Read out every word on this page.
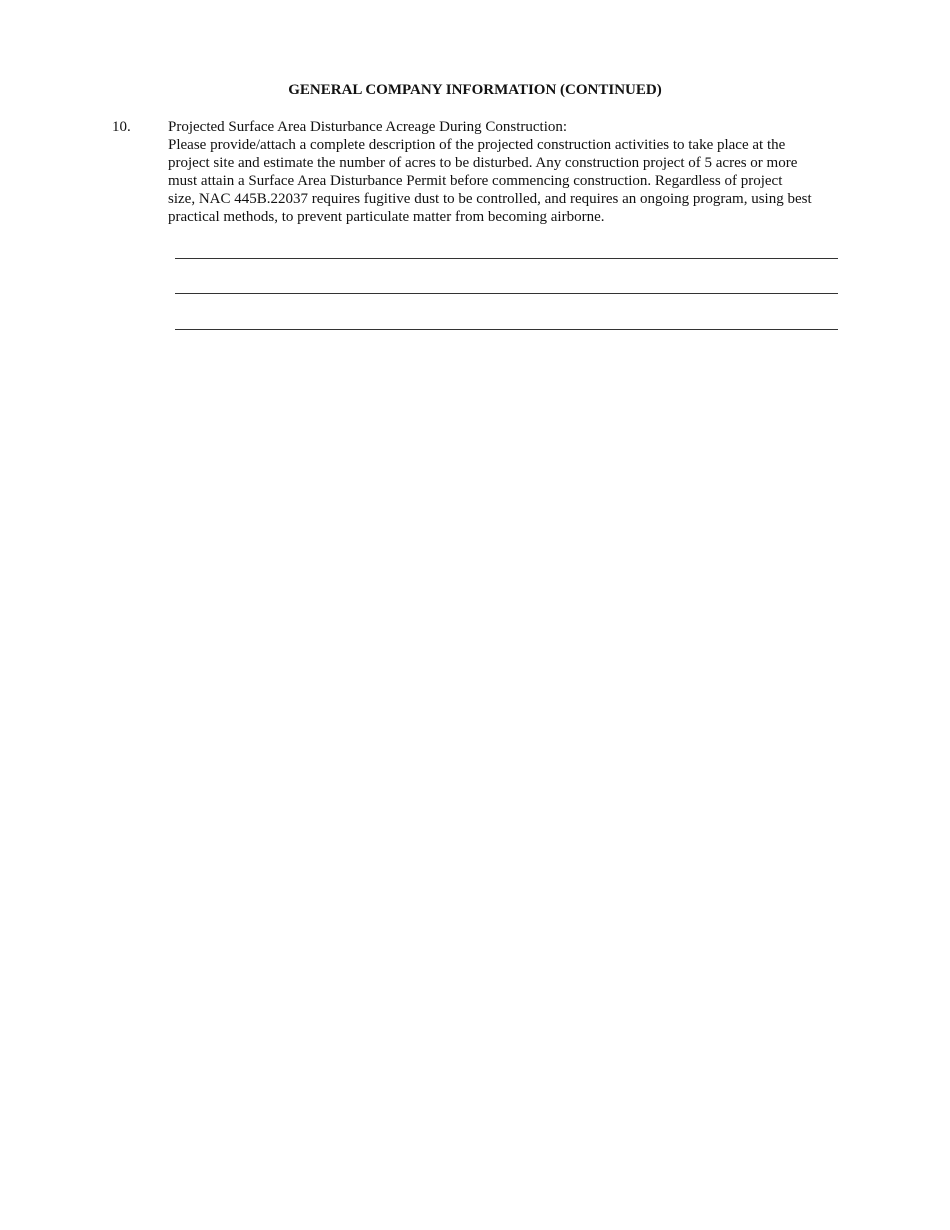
GENERAL COMPANY INFORMATION (CONTINUED)
10. Projected Surface Area Disturbance Acreage During Construction:
Please provide/attach a complete description of the projected construction activities to take place at the
project site and estimate the number of acres to be disturbed. Any construction project of 5 acres or more
must attain a Surface Area Disturbance Permit before commencing construction. Regardless of project
size, NAC 445B.22037 requires fugitive dust to be controlled, and requires an ongoing program, using best
practical methods, to prevent particulate matter from becoming airborne.
